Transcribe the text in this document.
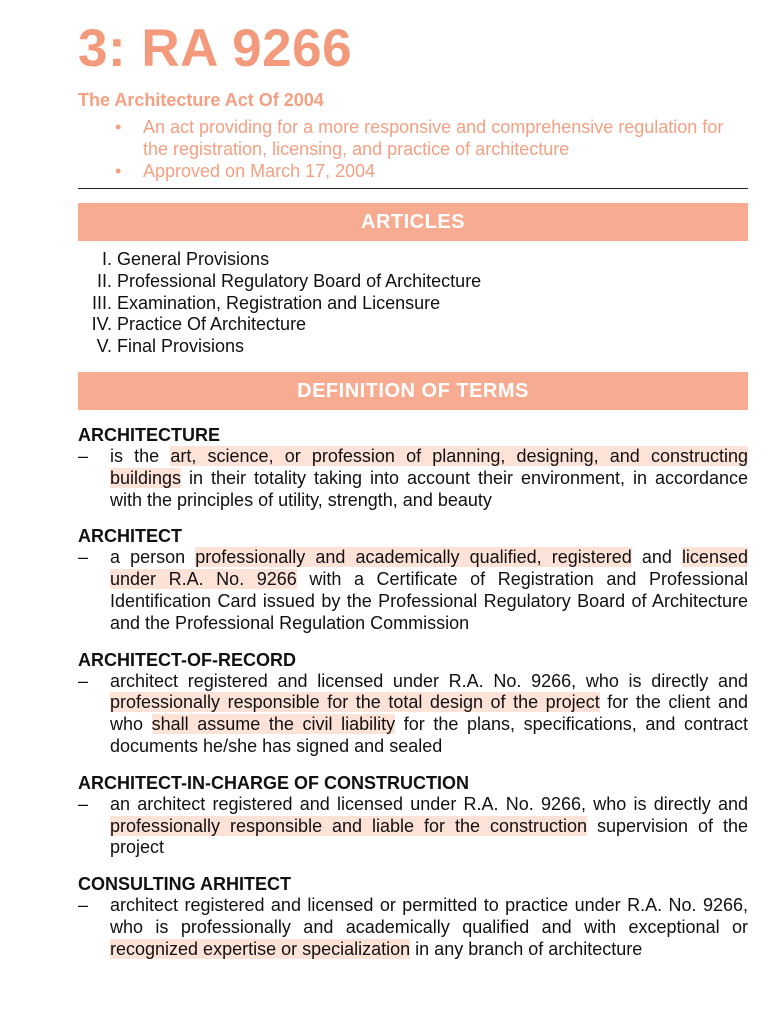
3: RA 9266
The Architecture Act Of 2004
• An act providing for a more responsive and comprehensive regulation for the registration, licensing, and practice of architecture
• Approved on March 17, 2004
ARTICLES
I. General Provisions
II. Professional Regulatory Board of Architecture
III. Examination, Registration and Licensure
IV. Practice Of Architecture
V. Final Provisions
DEFINITION OF TERMS
ARCHITECTURE
– is the art, science, or profession of planning, designing, and constructing buildings in their totality taking into account their environment, in accordance with the principles of utility, strength, and beauty
ARCHITECT
– a person professionally and academically qualified, registered and licensed under R.A. No. 9266 with a Certificate of Registration and Professional Identification Card issued by the Professional Regulatory Board of Architecture and the Professional Regulation Commission
ARCHITECT-OF-RECORD
– architect registered and licensed under R.A. No. 9266, who is directly and professionally responsible for the total design of the project for the client and who shall assume the civil liability for the plans, specifications, and contract documents he/she has signed and sealed
ARCHITECT-IN-CHARGE OF CONSTRUCTION
– an architect registered and licensed under R.A. No. 9266, who is directly and professionally responsible and liable for the construction supervision of the project
CONSULTING ARHITECT
– architect registered and licensed or permitted to practice under R.A. No. 9266, who is professionally and academically qualified and with exceptional or recognized expertise or specialization in any branch of architecture
